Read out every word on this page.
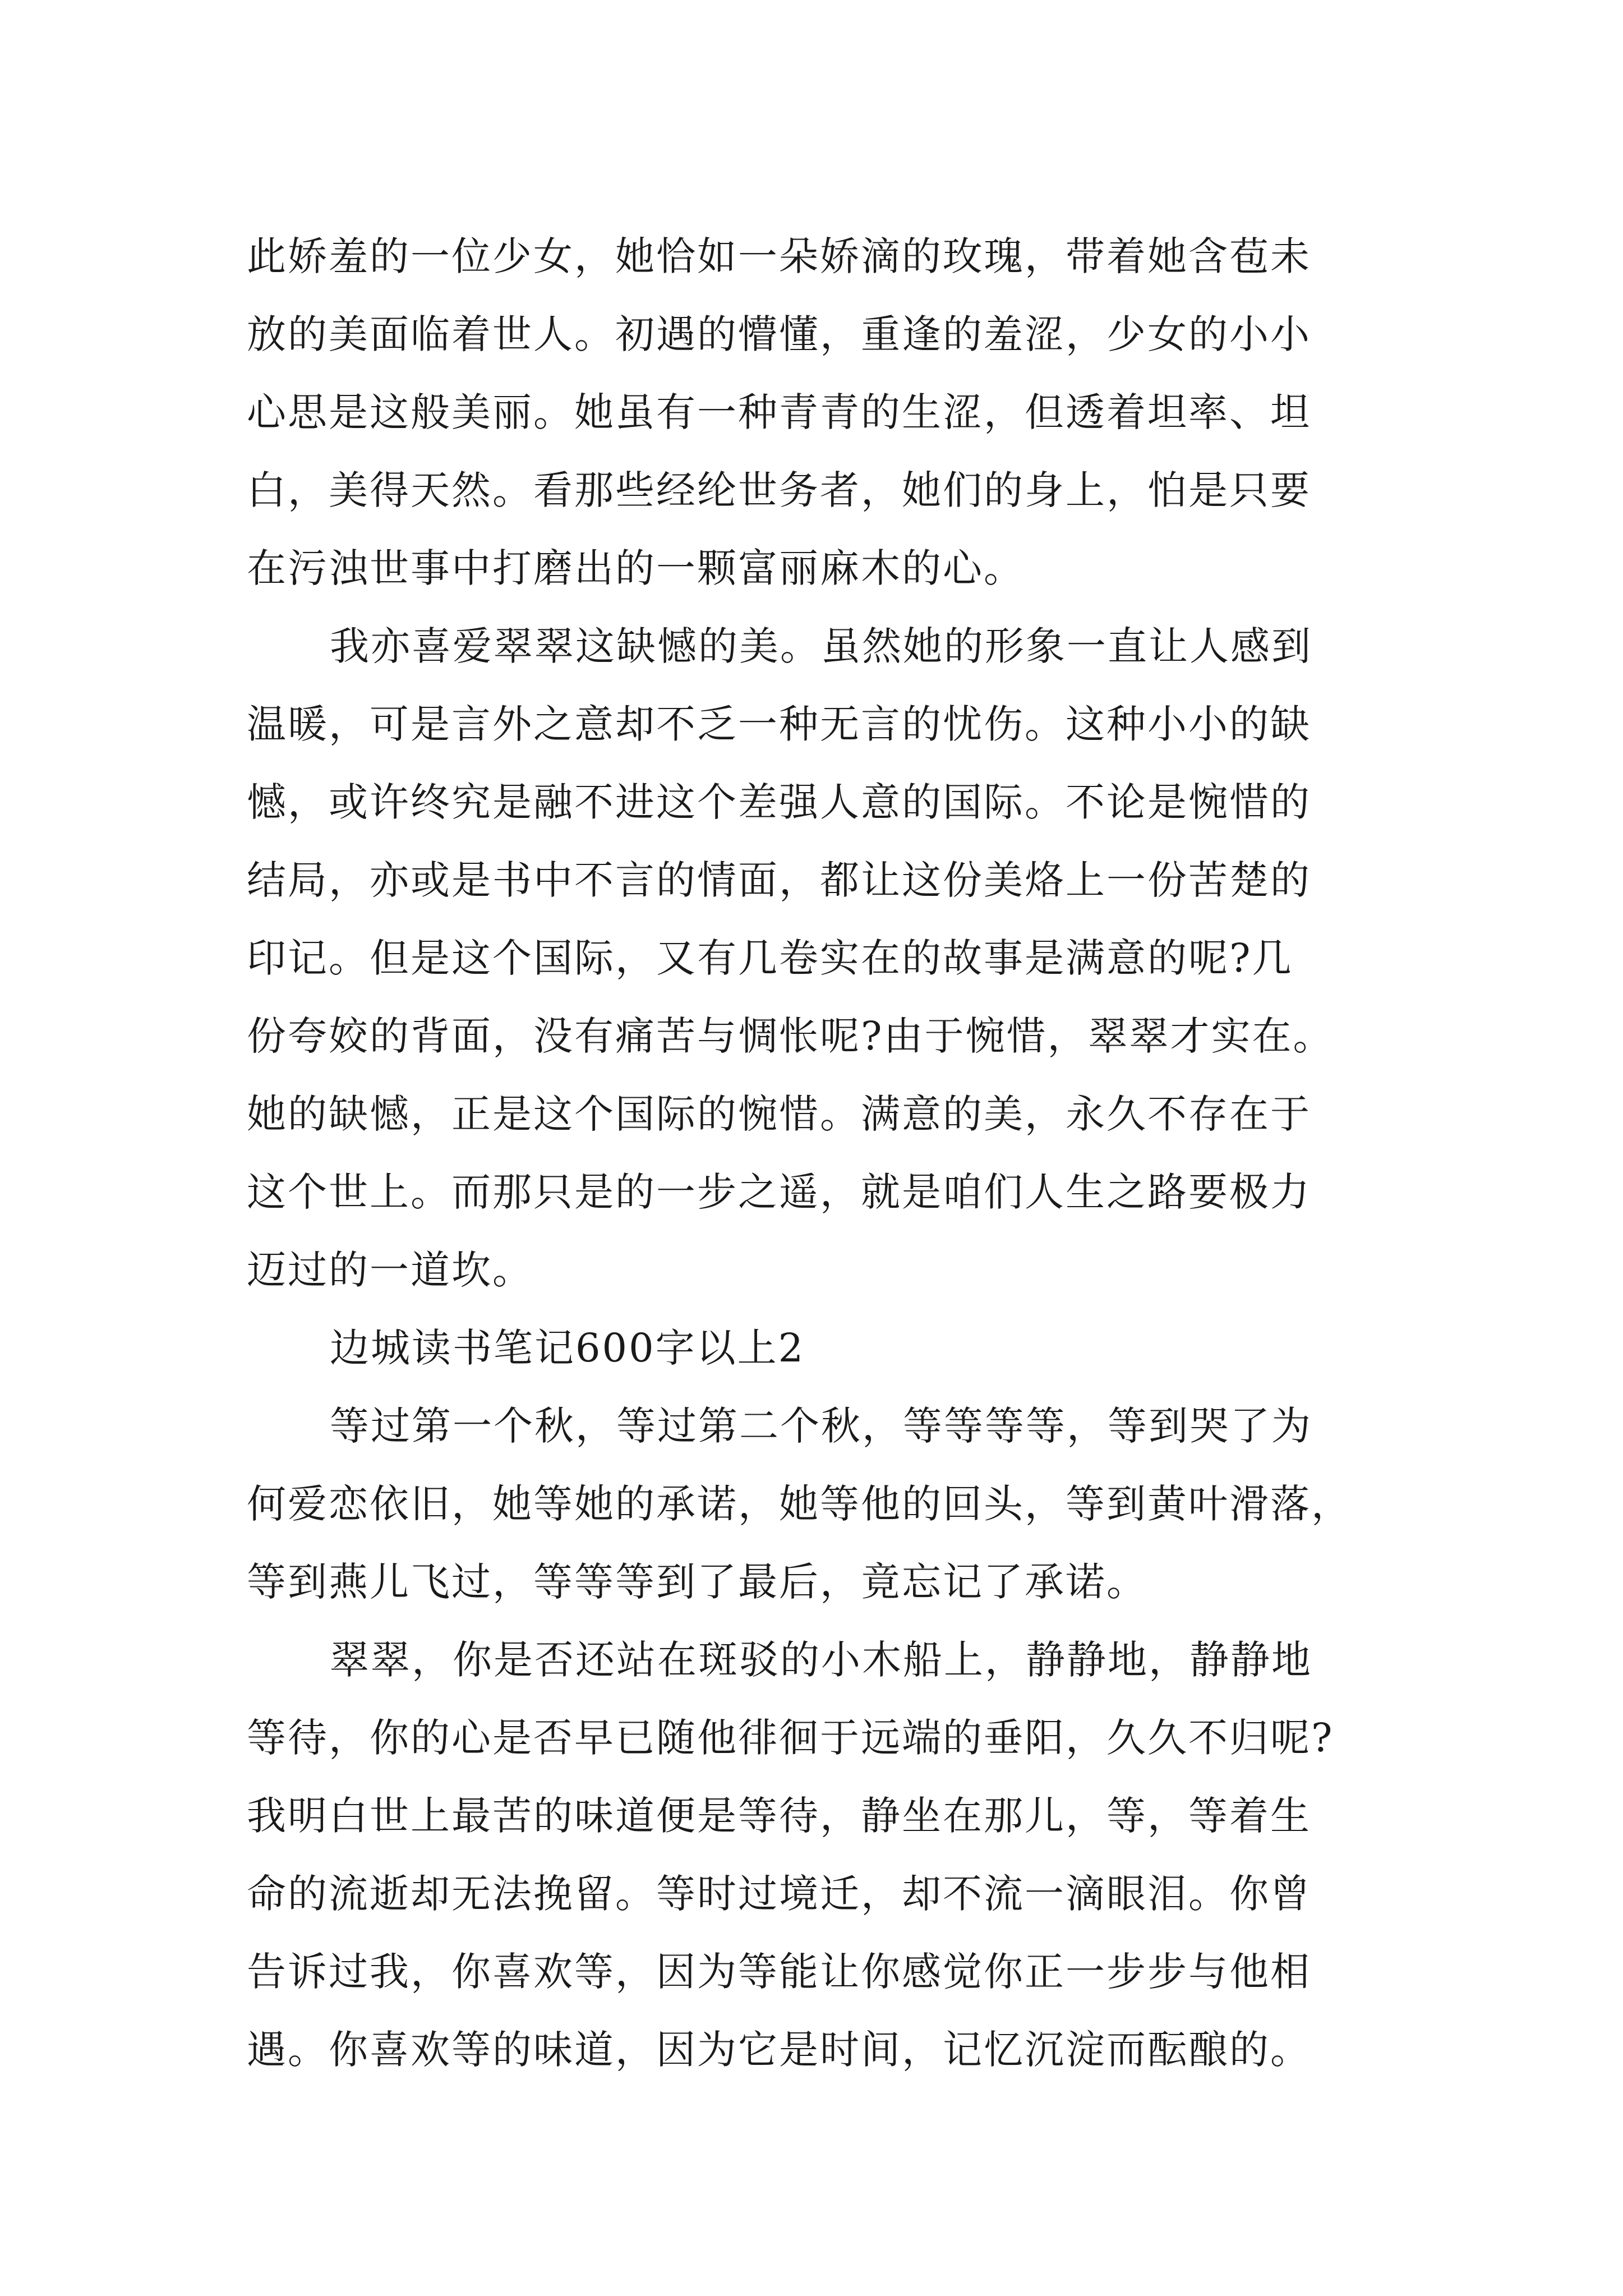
此娇羞的一位少女，她恰如一朵娇滴的玫瑰，带着她含苞未
放的美面临着世人。初遇的懵懂，重逢的羞涩，少女的小小
心思是这般美丽。她虽有一种青青的生涩，但透着坦率、坦
白，美得天然。看那些经纶世务者，她们的身上，怕是只要
在污浊世事中打磨出的一颗富丽麻木的心。
我亦喜爱翠翠这缺憾的美。虽然她的形象一直让人感到
温暖，可是言外之意却不乏一种无言的忧伤。这种小小的缺
憾，或许终究是融不进这个差强人意的国际。不论是惋惜的
结局，亦或是书中不言的情面，都让这份美烙上一份苦楚的
印记。但是这个国际，又有几卷实在的故事是满意的呢?几
份夸姣的背面，没有痛苦与惆怅呢?由于惋惜，翠翠才实在。
她的缺憾，正是这个国际的惋惜。满意的美，永久不存在于
这个世上。而那只是的一步之遥，就是咱们人生之路要极力
迈过的一道坎。
边城读书笔记600字以上2
等过第一个秋，等过第二个秋，等等等等，等到哭了为
何爱恋依旧，她等她的承诺，她等他的回头，等到黄叶滑落，
等到燕儿飞过，等等等到了最后，竟忘记了承诺。
翠翠，你是否还站在斑驳的小木船上，静静地，静静地
等待，你的心是否早已随他徘徊于远端的垂阳，久久不归呢?
我明白世上最苦的味道便是等待，静坐在那儿，等，等着生
命的流逝却无法挽留。等时过境迁，却不流一滴眼泪。你曾
告诉过我，你喜欢等，因为等能让你感觉你正一步步与他相
遇。你喜欢等的味道，因为它是时间，记忆沉淀而酝酿的。
